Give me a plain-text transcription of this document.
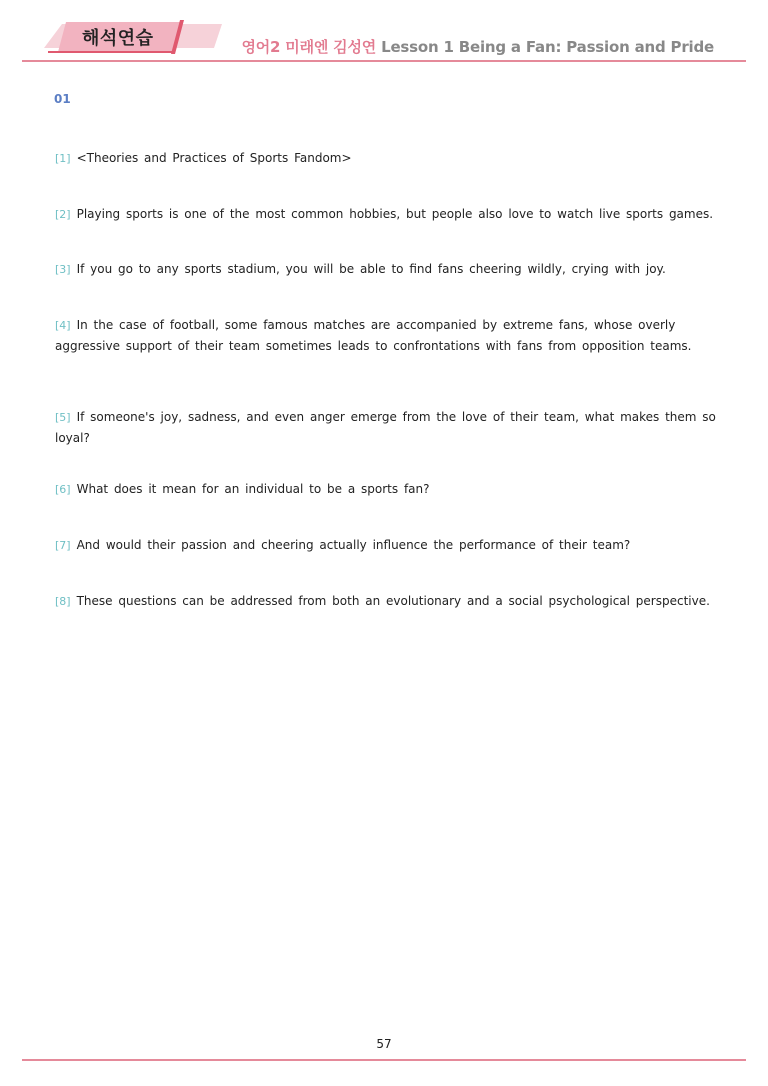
해석연습	영어2 미래엔 김성연 Lesson 1 Being a Fan: Passion and Pride
01
[1] <Theories and Practices of Sports Fandom>
[2] Playing sports is one of the most common hobbies, but people also love to watch live sports games.
[3] If you go to any sports stadium, you will be able to find fans cheering wildly, crying with joy.
[4] In the case of football, some famous matches are accompanied by extreme fans, whose overly aggressive support of their team sometimes leads to confrontations with fans from opposition teams.
[5] If someone's joy, sadness, and even anger emerge from the love of their team, what makes them so loyal?
[6] What does it mean for an individual to be a sports fan?
[7] And would their passion and cheering actually influence the performance of their team?
[8] These questions can be addressed from both an evolutionary and a social psychological perspective.
57
